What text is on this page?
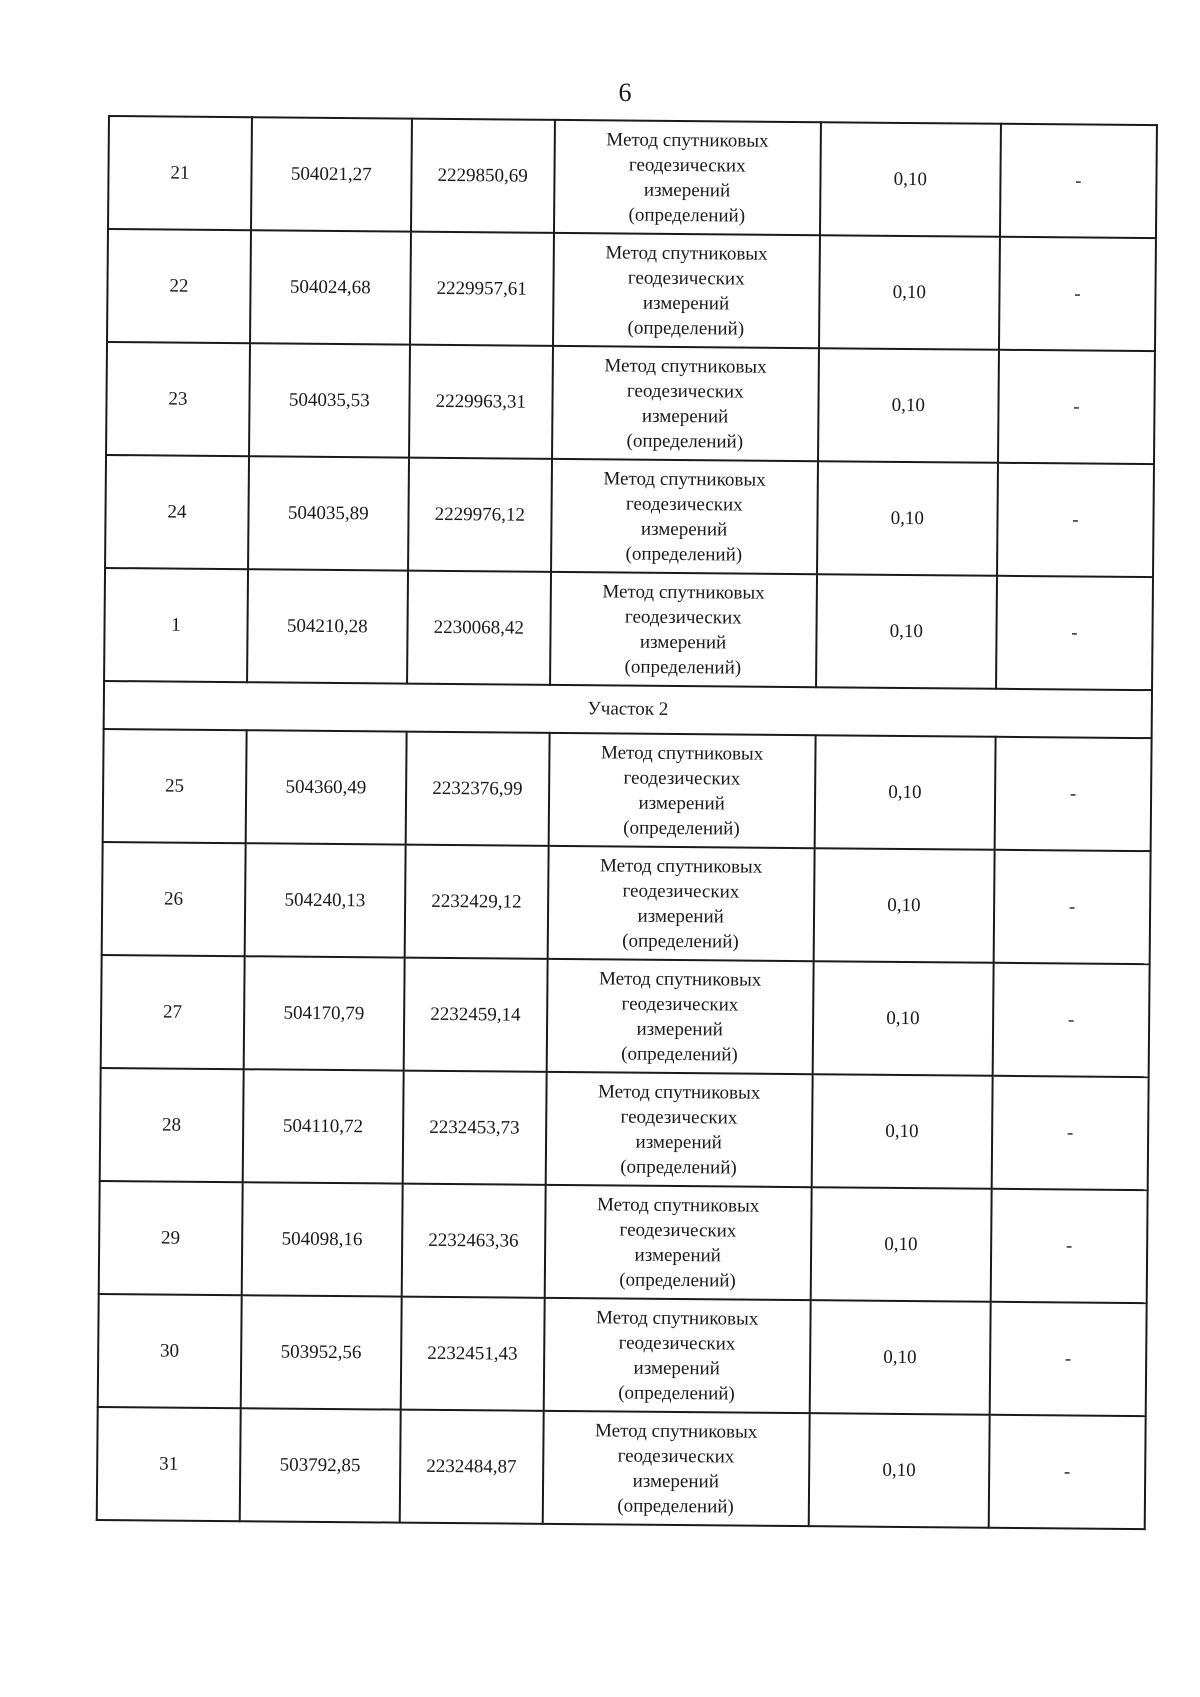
6
21	504021,27	2229850,69	Метод спутниковых
геодезических
измерений
(определений)	0,10	-
22	504024,68	2229957,61	Метод спутниковых
геодезических
измерений
(определений)	0,10	-
23	504035,53	2229963,31	Метод спутниковых
геодезических
измерений
(определений)	0,10	-
24	504035,89	2229976,12	Метод спутниковых
геодезических
измерений
(определений)	0,10	-
1	504210,28	2230068,42	Метод спутниковых
геодезических
измерений
(определений)	0,10	-
Участок 2					
25	504360,49	2232376,99	Метод спутниковых
геодезических
измерений
(определений)	0,10	-
26	504240,13	2232429,12	Метод спутниковых
геодезических
измерений
(определений)	0,10	-
27	504170,79	2232459,14	Метод спутниковых
геодезических
измерений
(определений)	0,10	-
28	504110,72	2232453,73	Метод спутниковых
геодезических
измерений
(определений)	0,10	-
29	504098,16	2232463,36	Метод спутниковых
геодезических
измерений
(определений)	0,10	-
30	503952,56	2232451,43	Метод спутниковых
геодезических
измерений
(определений)	0,10	-
31	503792,85	2232484,87	Метод спутниковых
геодезических
измерений
(определений)	0,10	-
